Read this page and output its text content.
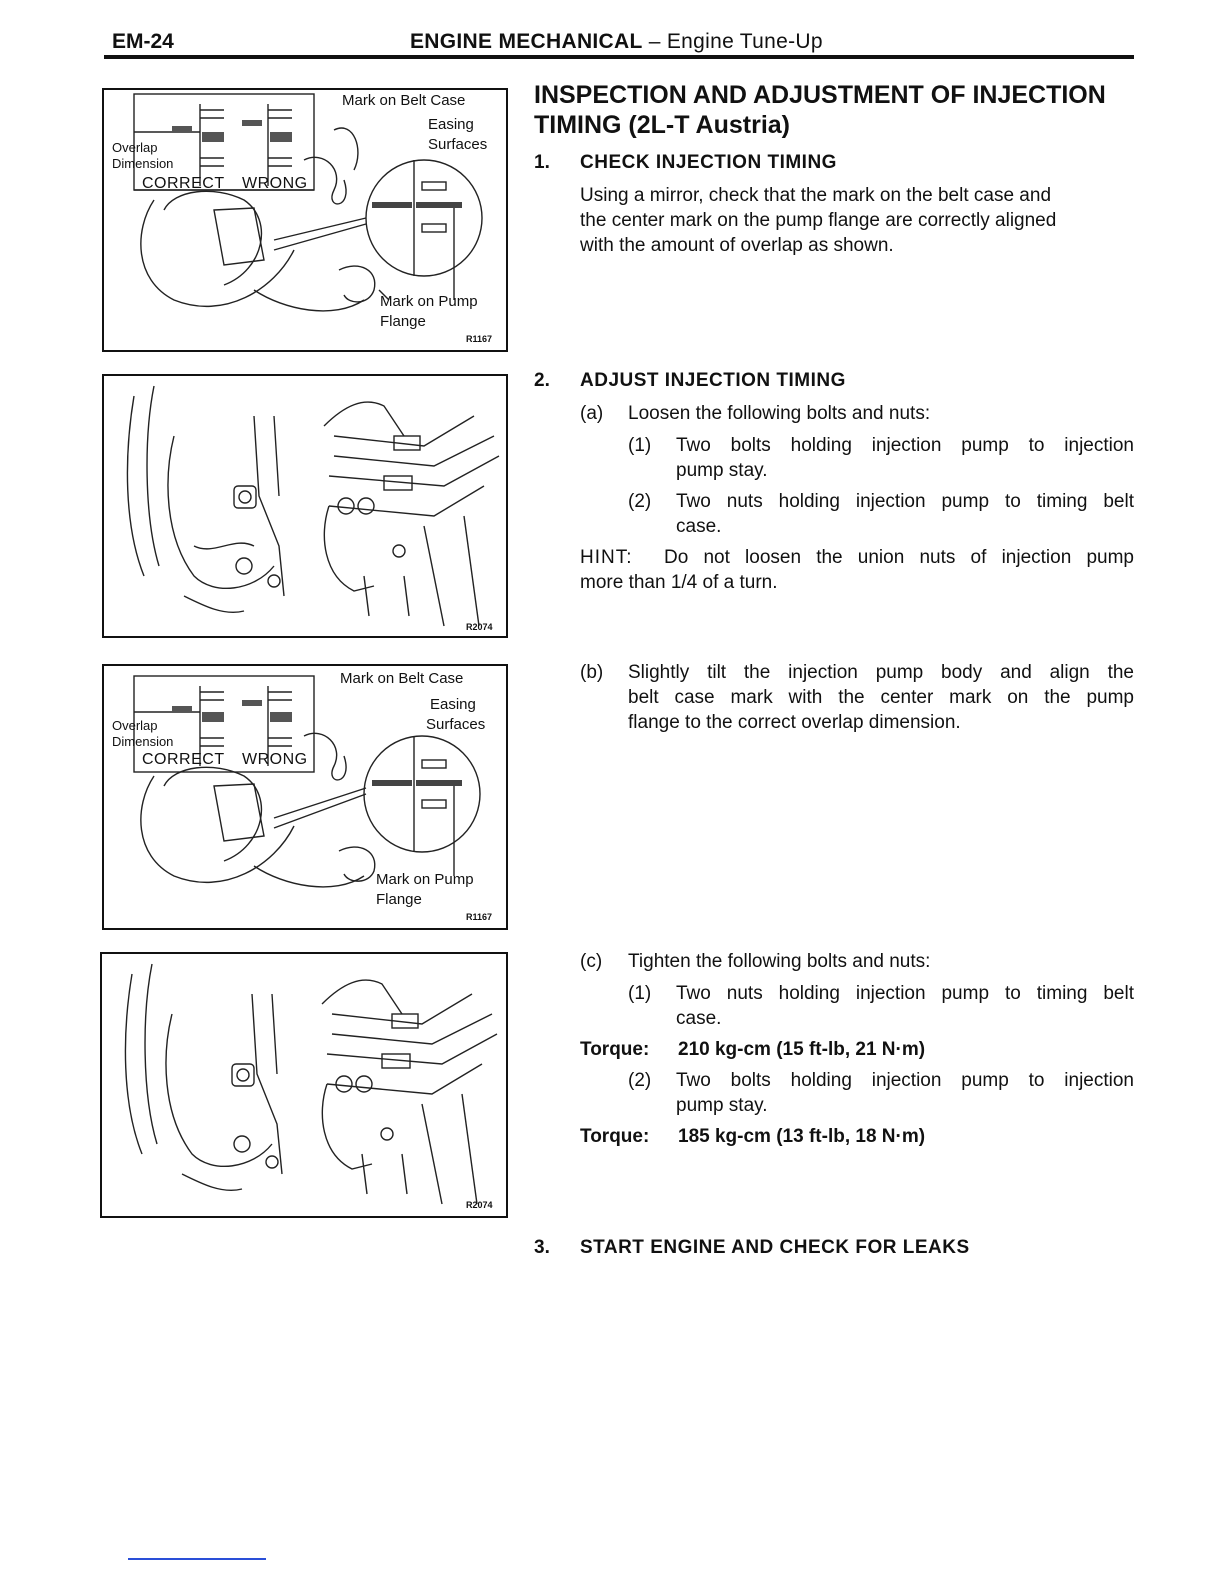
EM-24	ENGINE MECHANICAL – Engine Tune-Up
Mark on Belt Case
Easing
Surfaces
Overlap
Dimension
CORRECT WRONG
Mark on Pump
Flange
R1167
R2074
Mark on Belt Case
Easing
Surfaces
Overlap
Dimension
CORRECT WRONG
Mark on Pump
Flange
R1167
R2074
INSPECTION AND ADJUSTMENT OF INJECTION
TIMING (2L-T Austria)
1. CHECK INJECTION TIMING
Using a mirror, check that the mark on the belt case and
the center mark on the pump flange are correctly aligned
with the amount of overlap as shown.
2. ADJUST INJECTION TIMING
(a) Loosen the following bolts and nuts:
(1) Two bolts holding injection pump to injection
pump stay.
(2) Two nuts holding injection pump to timing belt
case.
HINT: Do not loosen the union nuts of injection pump
more than 1/4 of a turn.
(b) Slightly tilt the injection pump body and align the
belt case mark with the center mark on the pump
flange to the correct overlap dimension.
(c) Tighten the following bolts and nuts:
(1) Two nuts holding injection pump to timing belt
case.
Torque: 210 kg-cm (15 ft-lb, 21 N·m)
(2) Two bolts holding injection pump to injection
pump stay.
Torque: 185 kg-cm (13 ft-lb, 18 N·m)
3. START ENGINE AND CHECK FOR LEAKS
